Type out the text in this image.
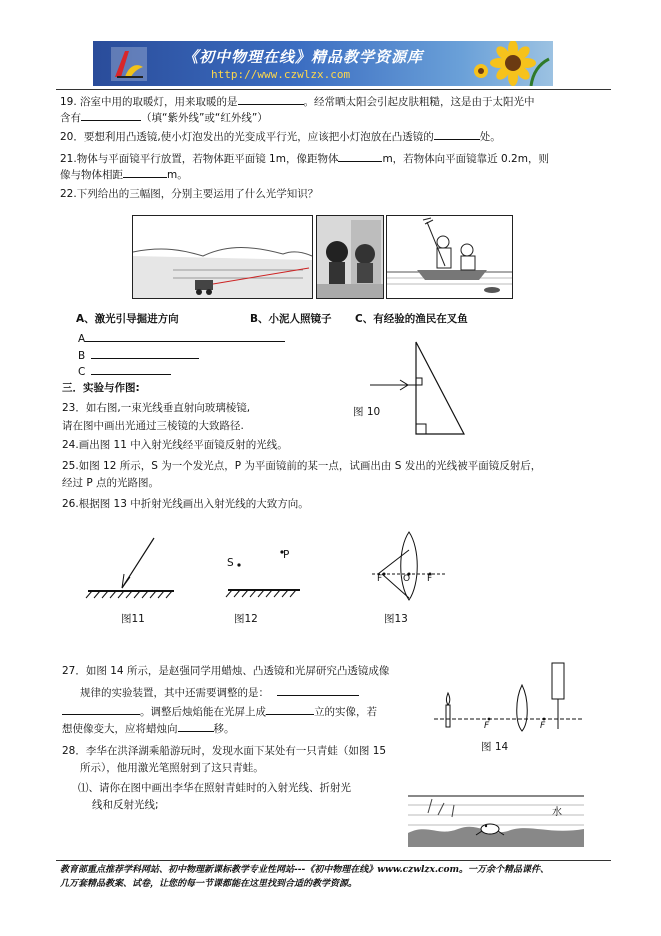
《初中物理在线》精品教学资源库
http://www.czwlzx.com
19. 浴室中用的取暖灯，用来取暖的是	。经常晒太阳会引起皮肤粗糙，这是由于太阳光中
含有	（填“紫外线”或“红外线”）
20．要想利用凸透镜,使小灯泡发出的光变成平行光，应该把小灯泡放在凸透镜的	处。
21.物体与平面镜平行放置，若物体距平面镜 1m，像距物体	m，若物体向平面镜靠近 0.2m，则
像与物体相距	m。
22.下列给出的三幅图，分别主要运用了什么光学知识？
A、激光引导掘进方向	B、小泥人照镜子 C、有经验的渔民在叉鱼
A
B
C
三．实验与作图:
23．如右图,一束光线垂直射向玻璃棱镜,
请在图中画出光通过三棱镜的大致路径.
图 10
24.画出图 11 中入射光线经平面镜反射的光线。
25.如图 12 所示，S 为一个发光点，P 为平面镜前的某一点，试画出由 S 发出的光线被平面镜反射后，
经过 P 点的光路图。
26.根据图 13 中折射光线画出入射光线的大致方向。
图11
S
P
图12
F O F
图13
27．如图 14 所示，是赵强同学用蜡烛、凸透镜和光屏研究凸透镜成像
规律的实验装置，其中还需要调整的是：
。调整后烛焰能在光屏上成	立的实像，若
想使像变大，应将蜡烛向	移。	F	F
图 14
28．李华在洪泽湖乘船游玩时，发现水面下某处有一只青蛙（如图 15
所示），他用激光笔照射到了这只青蛙。
⑴、请你在图中画出李华在照射青蛙时的入射光线、折射光
线和反射光线;
水
教育部重点推荐学科网站、初中物理新课标教学专业性网站---《初中物理在线》www.czwlzx.com。一万余个精品课件、
几万套精品教案、试卷，让您的每一节课都能在这里找到合适的教学资源。
